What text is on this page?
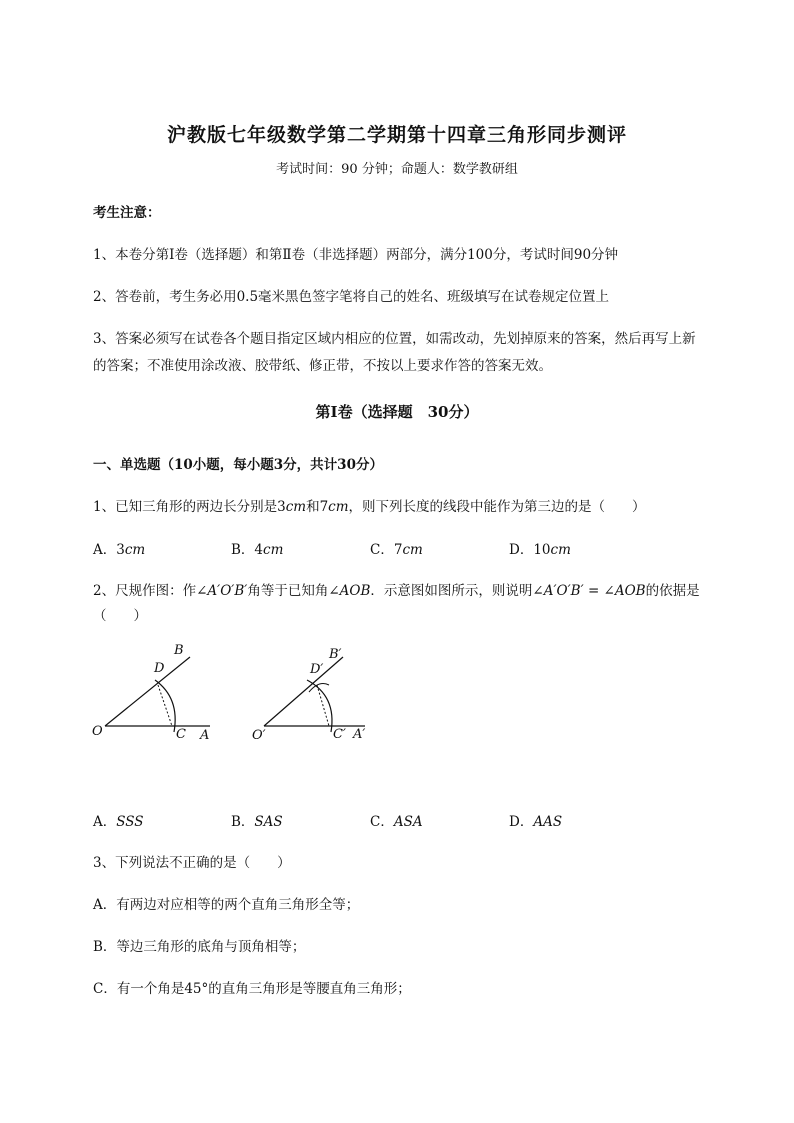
沪教版七年级数学第二学期第十四章三角形同步测评
考试时间：90 分钟；命题人：数学教研组
考生注意：
1、本卷分第Ⅰ卷（选择题）和第Ⅱ卷（非选择题）两部分，满分100分，考试时间90分钟
2、答卷前，考生务必用0.5毫米黑色签字笔将自己的姓名、班级填写在试卷规定位置上
3、答案必须写在试卷各个题目指定区域内相应的位置，如需改动，先划掉原来的答案，然后再写上新
的答案；不准使用涂改液、胶带纸、修正带，不按以上要求作答的答案无效。
第Ⅰ卷（选择题　30分）
一、单选题（10小题，每小题3分，共计30分）
1、已知三角形的两边长分别是3cm和7cm，则下列长度的线段中能作为第三边的是（　　）
A．3cm	B．4cm	C．7cm	D．10cm
2、尺规作图：作∠A′O′B′角等于已知角∠AOB．示意图如图所示，则说明∠A′O′B′ = ∠AOB的依据是
（　　）
B
D
O	C A
B′
D′
O′	C′ A′
A．SSS	B．SAS	C．ASA	D．AAS
3、下列说法不正确的是（　　）
A．有两边对应相等的两个直角三角形全等；
B．等边三角形的底角与顶角相等；
C．有一个角是45°的直角三角形是等腰直角三角形；
